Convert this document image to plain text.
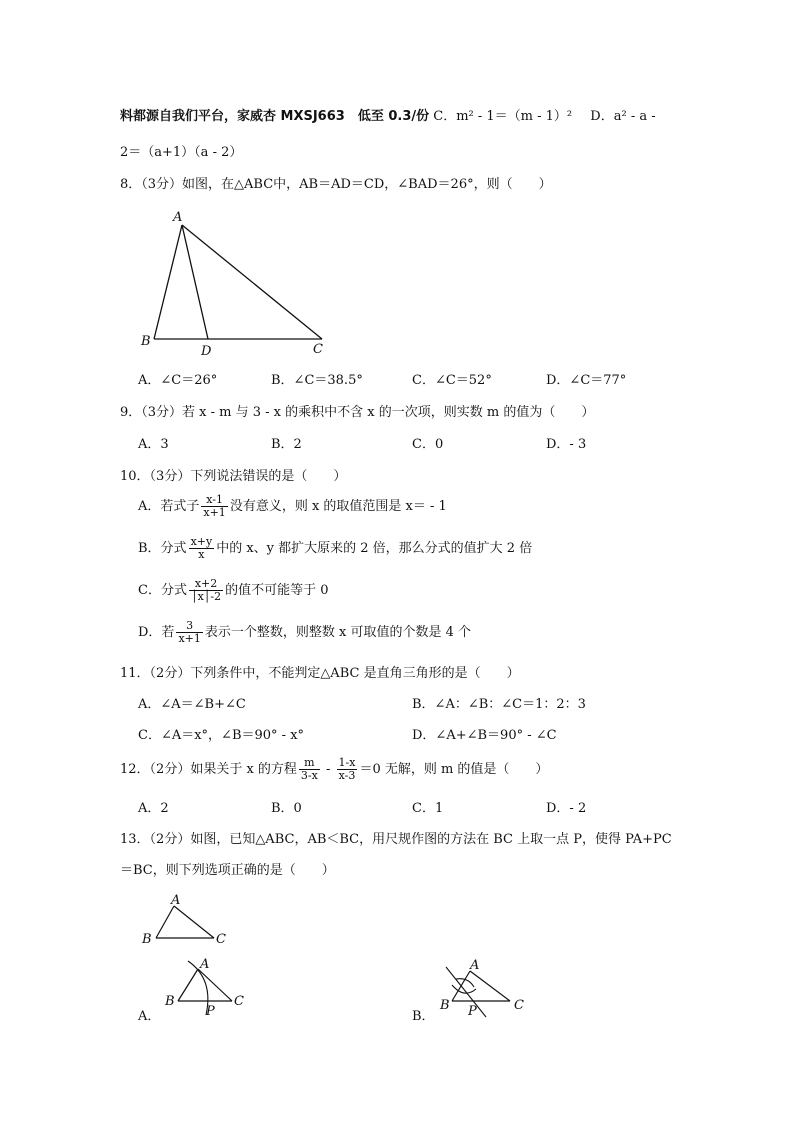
料都源自我们平台，家威杏 MXSJ663　低至 0.3/份 C．m² - 1＝（m - 1）² D．a² - a -
2＝（a+1）（a - 2）
8．（3分）如图，在△ABC中，AB＝AD＝CD，∠BAD＝26°，则（　　）
A
B
D	C
A．∠C＝26°	B．∠C＝38.5°	C．∠C＝52°	D．∠C＝77°
9．（3分）若 x - m 与 3 - x 的乘积中不含 x 的一次项，则实数 m 的值为（　　）
A．3	B．2	C．0	D．- 3
10．（3分）下列说法错误的是（　　）
A．若式子 $\frac{x-1}{x+1}$ 没有意义，则 x 的取值范围是 x＝ - 1
B．分式 $\frac{x+y}{x}$ 中的 x、y 都扩大原来的 2 倍，那么分式的值扩大 2 倍
C．分式 $\frac{x+2}{│x│-2}$ 的值不可能等于 0
D．若 $\frac{3}{x+1}$ 表示一个整数，则整数 x 可取值的个数是 4 个
11．（2分）下列条件中，不能判定△ABC 是直角三角形的是（　　）
A．∠A＝∠B+∠C	B．∠A：∠B：∠C＝1：2：3
C．∠A＝x°，∠B＝90° - x°	D．∠A+∠B＝90° - ∠C
12．（2分）如果关于 x 的方程 $\frac{m}{3-x} - \frac{1-x}{x-3} =0$ 无解，则 m 的值是（　　）
A．2	B．0	C．1	D．- 2
13．（2分）如图，已知△ABC，AB＜BC，用尺规作图的方法在 BC 上取一点 P，使得 PA+PC
＝BC，则下列选项正确的是（　　）
A
B	C
A．
A
B	C
P	B．
A
B	C
P
